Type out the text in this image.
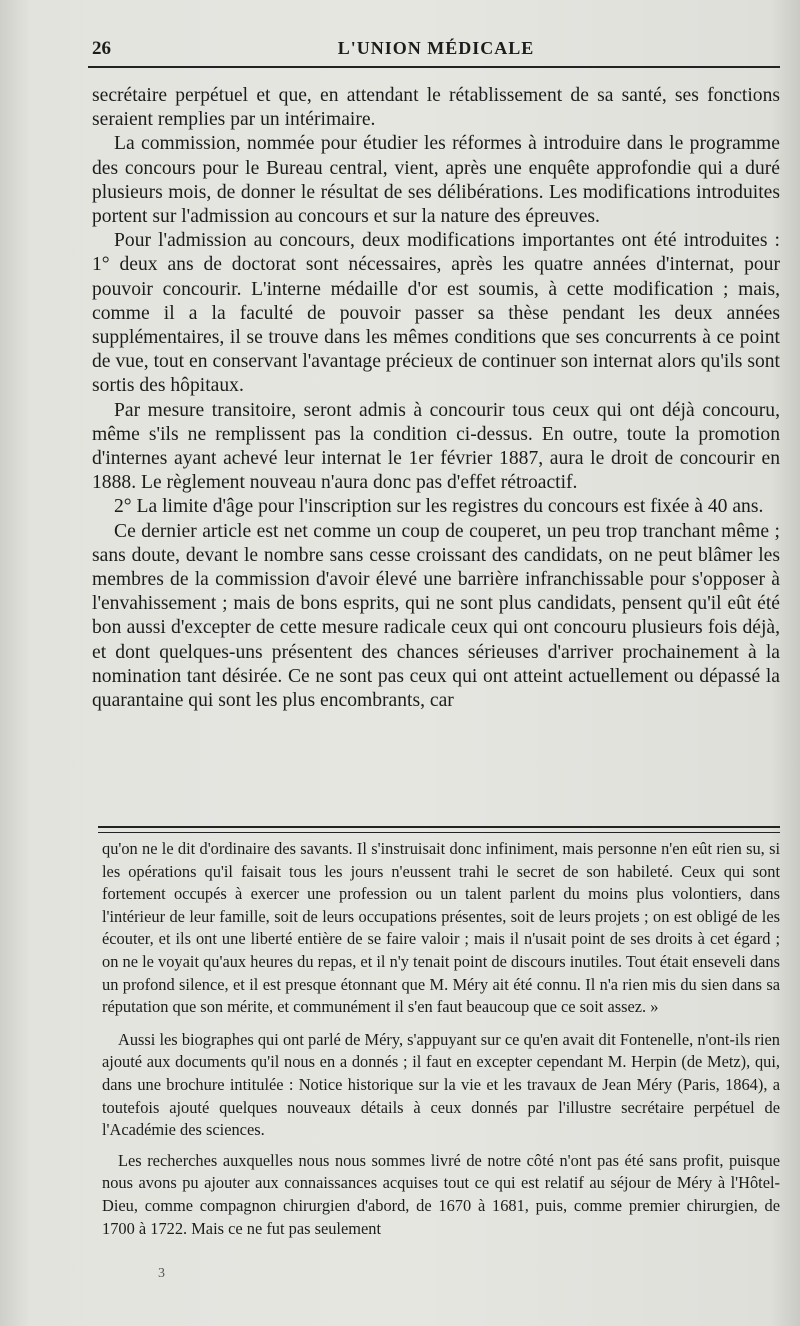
26	L'UNION MÉDICALE

secrétaire perpétuel et que, en attendant le rétablissement de sa santé, ses fonctions seraient remplies par un intérimaire.

La commission, nommée pour étudier les réformes à introduire dans le programme des concours pour le Bureau central, vient, après une enquête approfondie qui a duré plusieurs mois, de donner le résultat de ses délibérations. Les modifications introduites portent sur l'admission au concours et sur la nature des épreuves.

Pour l'admission au concours, deux modifications importantes ont été introduites : 1° deux ans de doctorat sont nécessaires, après les quatre années d'internat, pour pouvoir concourir. L'interne médaille d'or est soumis, à cette modification ; mais, comme il a la faculté de pouvoir passer sa thèse pendant les deux années supplémentaires, il se trouve dans les mêmes conditions que ses concurrents à ce point de vue, tout en conservant l'avantage précieux de continuer son internat alors qu'ils sont sortis des hôpitaux.

Par mesure transitoire, seront admis à concourir tous ceux qui ont déjà concouru, même s'ils ne remplissent pas la condition ci-dessus. En outre, toute la promotion d'internes ayant achevé leur internat le 1er février 1887, aura le droit de concourir en 1888. Le règlement nouveau n'aura donc pas d'effet rétroactif.

2° La limite d'âge pour l'inscription sur les registres du concours est fixée à 40 ans.

Ce dernier article est net comme un coup de couperet, un peu trop tranchant même ; sans doute, devant le nombre sans cesse croissant des candidats, on ne peut blâmer les membres de la commission d'avoir élevé une barrière infranchissable pour s'opposer à l'envahissement ; mais de bons esprits, qui ne sont plus candidats, pensent qu'il eût été bon aussi d'excepter de cette mesure radicale ceux qui ont concouru plusieurs fois déjà, et dont quelques-uns présentent des chances sérieuses d'arriver prochainement à la nomination tant désirée. Ce ne sont pas ceux qui ont atteint actuellement ou dépassé la quarantaine qui sont les plus encombrants, car

qu'on ne le dit d'ordinaire des savants. Il s'instruisait donc infiniment, mais personne n'en eût rien su, si les opérations qu'il faisait tous les jours n'eussent trahi le secret de son habileté. Ceux qui sont fortement occupés à exercer une profession ou un talent parlent du moins plus volontiers, dans l'intérieur de leur famille, soit de leurs occupations présentes, soit de leurs projets ; on est obligé de les écouter, et ils ont une liberté entière de se faire valoir ; mais il n'usait point de ses droits à cet égard ; on ne le voyait qu'aux heures du repas, et il n'y tenait point de discours inutiles. Tout était enseveli dans un profond silence, et il est presque étonnant que M. Méry ait été connu. Il n'a rien mis du sien dans sa réputation que son mérite, et communément il s'en faut beaucoup que ce soit assez. »

Aussi les biographes qui ont parlé de Méry, s'appuyant sur ce qu'en avait dit Fontenelle, n'ont-ils rien ajouté aux documents qu'il nous en a donnés ; il faut en excepter cependant M. Herpin (de Metz), qui, dans une brochure intitulée : Notice historique sur la vie et les travaux de Jean Méry (Paris, 1864), a toutefois ajouté quelques nouveaux détails à ceux donnés par l'illustre secrétaire perpétuel de l'Académie des sciences.

Les recherches auxquelles nous nous sommes livré de notre côté n'ont pas été sans profit, puisque nous avons pu ajouter aux connaissances acquises tout ce qui est relatif au séjour de Méry à l'Hôtel-Dieu, comme compagnon chirurgien d'abord, de 1670 à 1681, puis, comme premier chirurgien, de 1700 à 1722. Mais ce ne fut pas seulement

3
